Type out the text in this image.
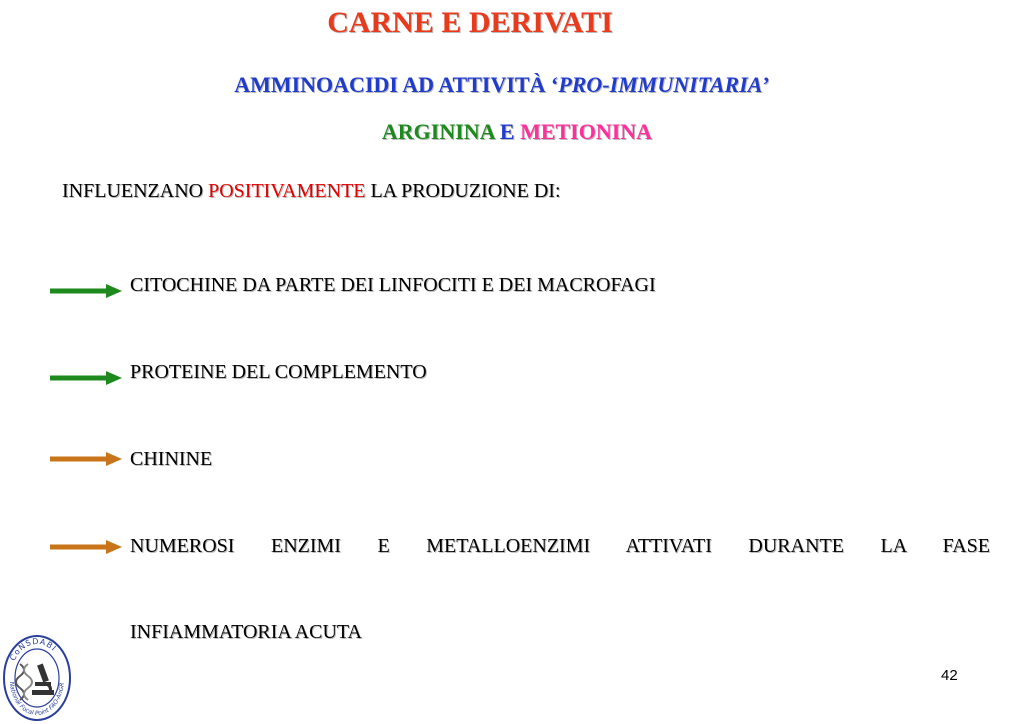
CARNE E DERIVATI
AMMINOACIDI AD ATTIVITÀ ‘PRO-IMMUNITARIA’
ARGININA E METIONINA
INFLUENZANO POSITIVAMENTE LA PRODUZIONE DI:
CITOCHINE DA PARTE DEI LINFOCITI E DEI MACROFAGI
PROTEINE DEL COMPLEMENTO
CHININE
NUMEROSI ENZIMI E METALLOENZIMI ATTIVATI DURANTE LA FASE
INFIAMMATORIA ACUTA
CoNSDABI
National Focal Point FAO-AnGR
42
